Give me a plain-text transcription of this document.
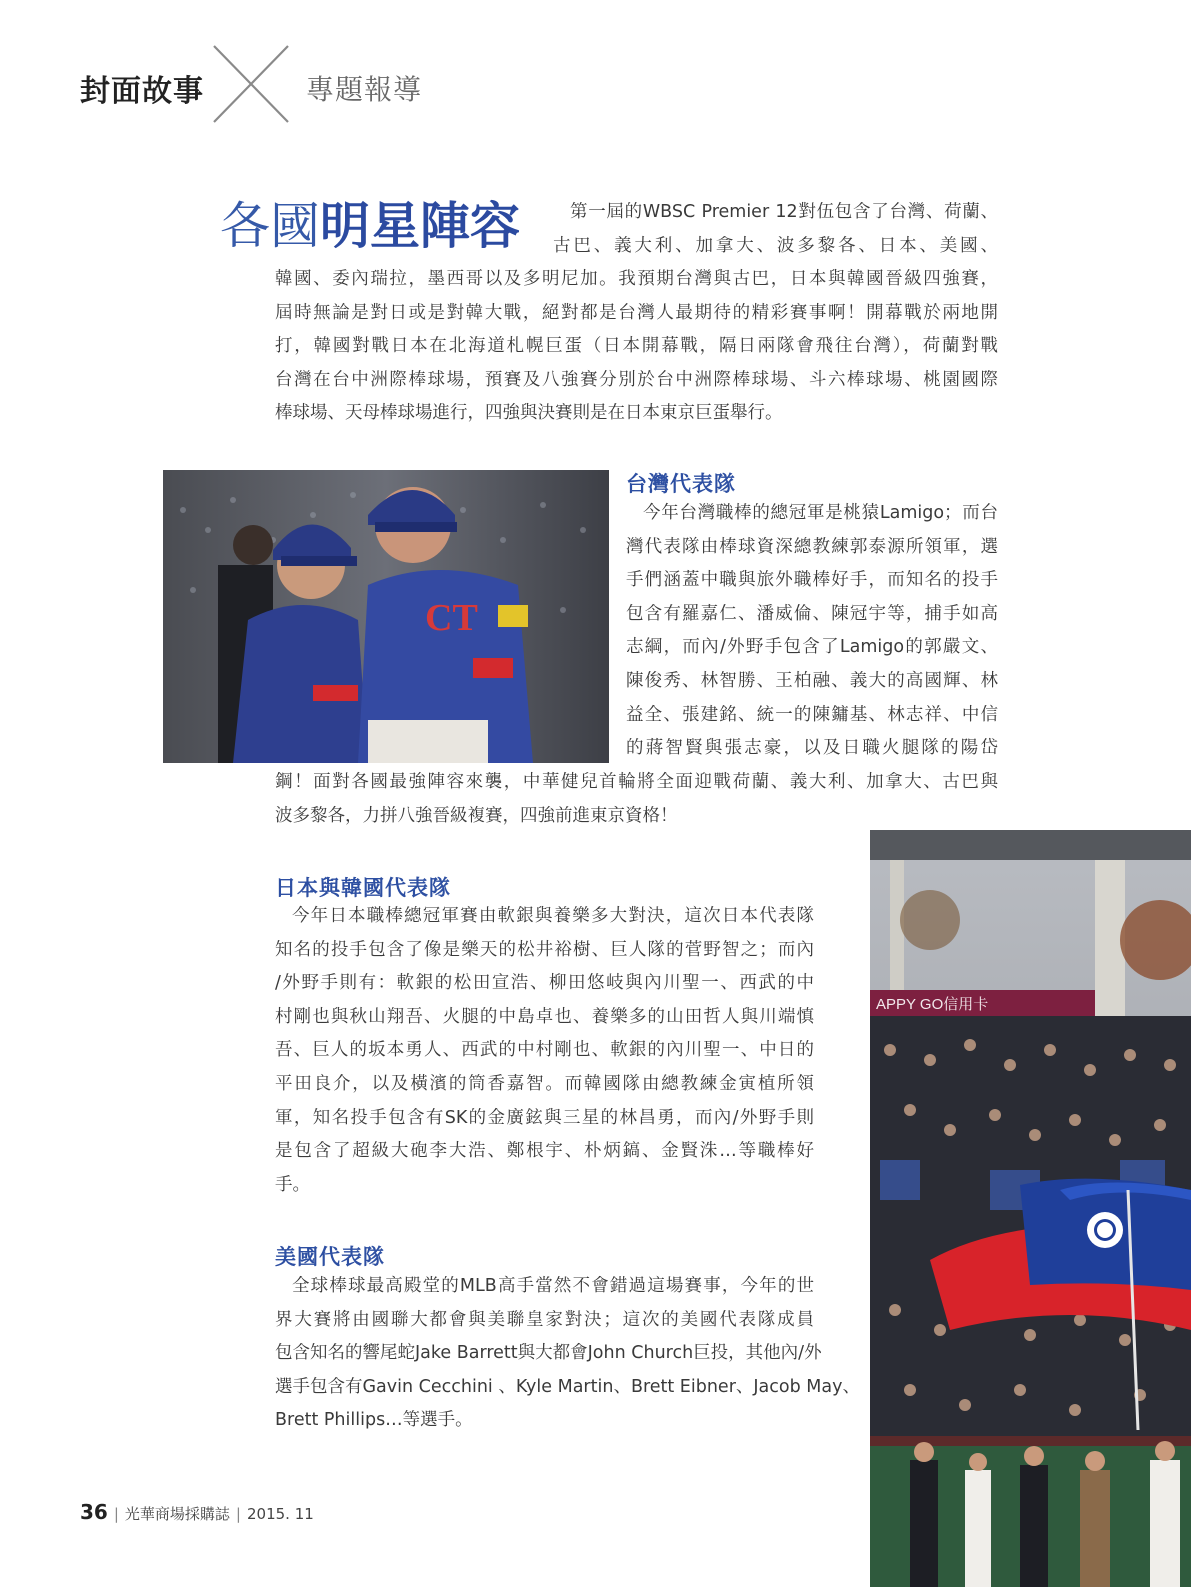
封面故事	專題報導
各國明星陣容	第一屆的WBSC Premier 12對伍包含了台灣、荷蘭、
古巴、義大利、加拿大、波多黎各、日本、美國、
韓國、委內瑞拉，墨西哥以及多明尼加。我預期台灣與古巴，日本與韓國晉級四強賽，
屆時無論是對日或是對韓大戰，絕對都是台灣人最期待的精彩賽事啊！開幕戰於兩地開
打，韓國對戰日本在北海道札幌巨蛋（日本開幕戰，隔日兩隊會飛往台灣），荷蘭對戰
台灣在台中洲際棒球場，預賽及八強賽分別於台中洲際棒球場、斗六棒球場、桃園國際
棒球場、天母棒球場進行，四強與決賽則是在日本東京巨蛋舉行。
CT
台灣代表隊
今年台灣職棒的總冠軍是桃猿Lamigo；而台
灣代表隊由棒球資深總教練郭泰源所領軍，選
手們涵蓋中職與旅外職棒好手，而知名的投手
包含有羅嘉仁、潘威倫、陳冠宇等，捕手如高
志綱，而內/外野手包含了Lamigo的郭嚴文、
陳俊秀、林智勝、王柏融、義大的高國輝、林
益全、張建銘、統一的陳鏞基、林志祥、中信
的蔣智賢與張志豪，以及日職火腿隊的陽岱
鋼！面對各國最強陣容來襲，中華健兒首輪將全面迎戰荷蘭、義大利、加拿大、古巴與
波多黎各，力拼八強晉級複賽，四強前進東京資格！
日本與韓國代表隊
今年日本職棒總冠軍賽由軟銀與養樂多大對決，這次日本代表隊
知名的投手包含了像是樂天的松井裕樹、巨人隊的菅野智之；而內
/外野手則有：軟銀的松田宣浩、柳田悠岐與內川聖一、西武的中
村剛也與秋山翔吾、火腿的中島卓也、養樂多的山田哲人與川端慎
吾、巨人的坂本勇人、西武的中村剛也、軟銀的內川聖一、中日的
平田良介，以及橫濱的筒香嘉智。而韓國隊由總教練金寅植所領
軍，知名投手包含有SK的金廣鉉與三星的林昌勇，而內/外野手則
是包含了超級大砲李大浩、鄭根宇、朴炳鎬、金賢洙…等職棒好
手。
美國代表隊
全球棒球最高殿堂的MLB高手當然不會錯過這場賽事，今年的世
界大賽將由國聯大都會與美聯皇家對決；這次的美國代表隊成員
包含知名的響尾蛇Jake Barrett與大都會John Church巨投，其他內/外
選手包含有Gavin Cecchini 、Kyle Martin、Brett Eibner、Jacob May、
Brett Phillips…等選手。
APPY GO信用卡
36 | 光華商場採購誌 | 2015. 11
